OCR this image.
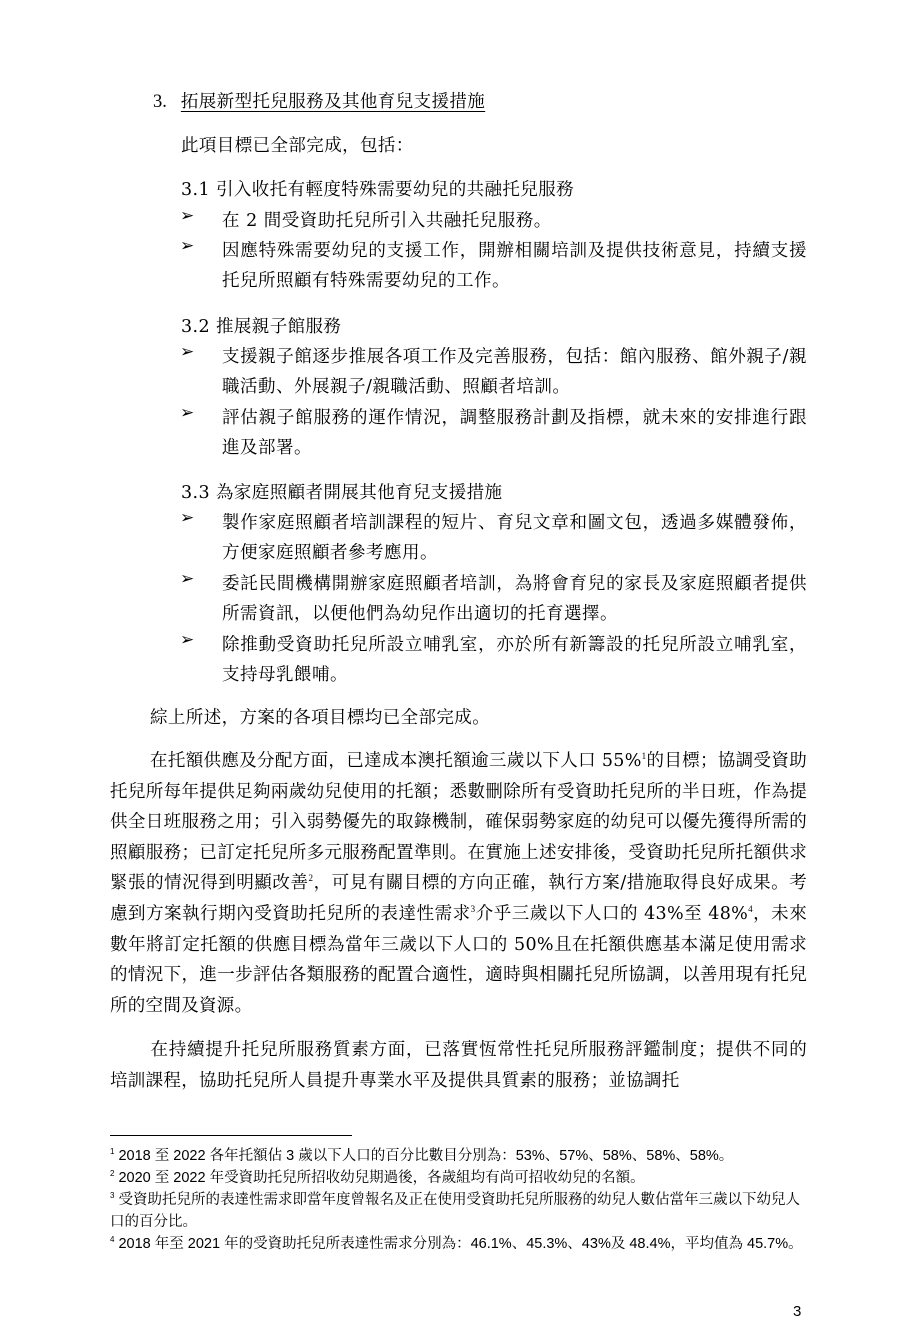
3. 拓展新型托兒服務及其他育兒支援措施
此項目標已全部完成，包括：
3.1 引入收托有輕度特殊需要幼兒的共融托兒服務
➢ 在 2 間受資助托兒所引入共融托兒服務。
➢ 因應特殊需要幼兒的支援工作，開辦相關培訓及提供技術意見，持續支援托兒所照顧有特殊需要幼兒的工作。
3.2 推展親子館服務
➢ 支援親子館逐步推展各項工作及完善服務，包括：館內服務、館外親子/親職活動、外展親子/親職活動、照顧者培訓。
➢ 評估親子館服務的運作情況，調整服務計劃及指標，就未來的安排進行跟進及部署。
3.3 為家庭照顧者開展其他育兒支援措施
➢ 製作家庭照顧者培訓課程的短片、育兒文章和圖文包，透過多媒體發佈，方便家庭照顧者參考應用。
➢ 委託民間機構開辦家庭照顧者培訓，為將會育兒的家長及家庭照顧者提供所需資訊，以便他們為幼兒作出適切的托育選擇。
➢ 除推動受資助托兒所設立哺乳室，亦於所有新籌設的托兒所設立哺乳室，支持母乳餵哺。
綜上所述，方案的各項目標均已全部完成。
在托額供應及分配方面，已達成本澳托額逾三歲以下人口 55%$^1$的目標；協調受資助托兒所每年提供足夠兩歲幼兒使用的托額；悉數刪除所有受資助托兒所的半日班，作為提供全日班服務之用；引入弱勢優先的取錄機制，確保弱勢家庭的幼兒可以優先獲得所需的照顧服務；已訂定托兒所多元服務配置準則。在實施上述安排後，受資助托兒所托額供求緊張的情況得到明顯改善$^2$，可見有關目標的方向正確，執行方案/措施取得良好成果。考慮到方案執行期內受資助托兒所的表達性需求$^3$介乎三歲以下人口的 43%至 48%$^4$，未來數年將訂定托額的供應目標為當年三歲以下人口的 50%且在托額供應基本滿足使用需求的情況下，進一步評估各類服務的配置合適性，適時與相關托兒所協調，以善用現有托兒所的空間及資源。
在持續提升托兒所服務質素方面，已落實恆常性托兒所服務評鑑制度；提供不同的培訓課程，協助托兒所人員提升專業水平及提供具質素的服務；並協調托
$^1$ 2018 至 2022 各年托額佔 3 歲以下人口的百分比數目分別為：53%、57%、58%、58%、58%。
$^2$ 2020 至 2022 年受資助托兒所招收幼兒期過後，各歲組均有尚可招收幼兒的名額。
$^3$ 受資助托兒所的表達性需求即當年度曾報名及正在使用受資助托兒所服務的幼兒人數佔當年三歲以下幼兒人口的百分比。
$^4$ 2018 年至 2021 年的受資助托兒所表達性需求分別為：46.1%、45.3%、43%及 48.4%，平均值為 45.7%。
3
